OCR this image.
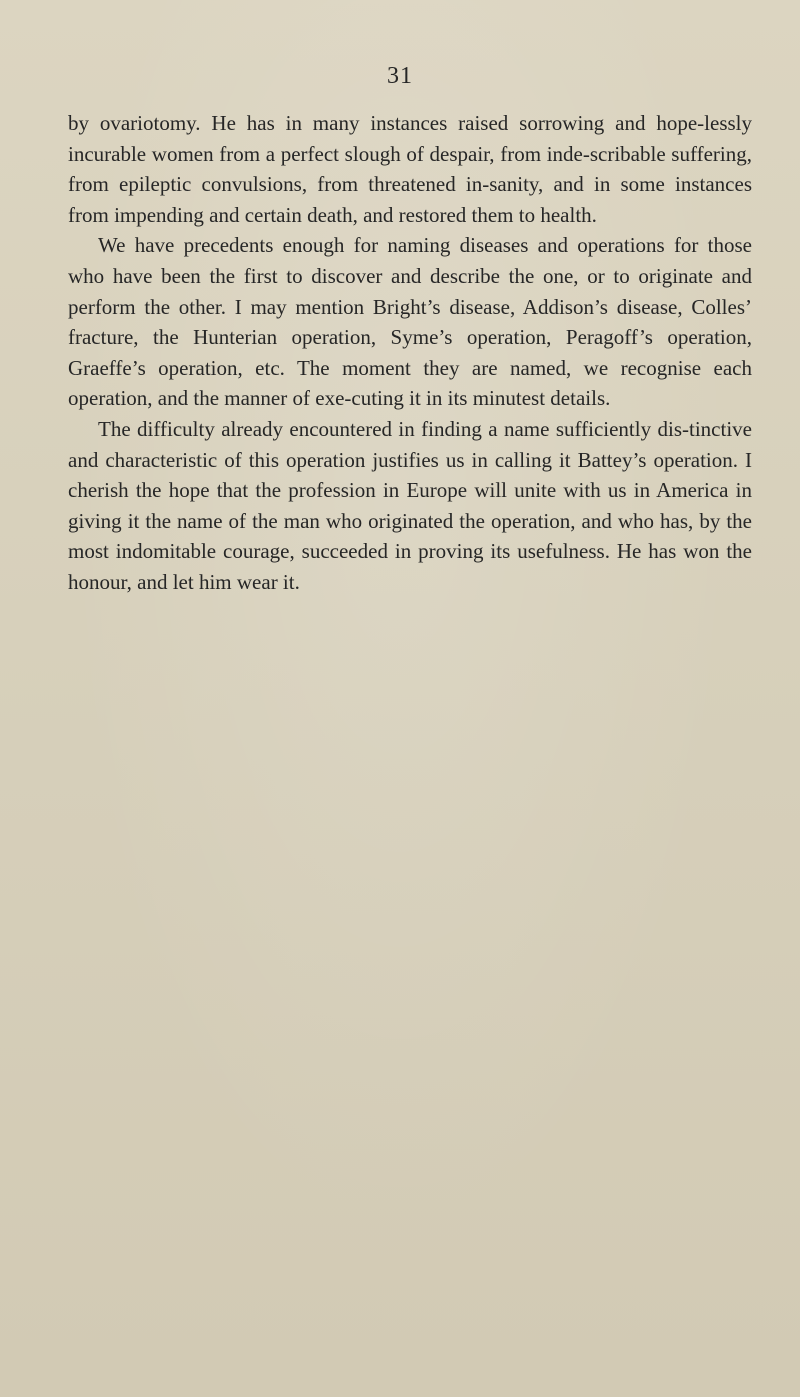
31

by ovariotomy. He has in many instances raised sorrowing and hope-lessly incurable women from a perfect slough of despair, from inde-scribable suffering, from epileptic convulsions, from threatened in-sanity, and in some instances from impending and certain death, and restored them to health.

We have precedents enough for naming diseases and operations for those who have been the first to discover and describe the one, or to originate and perform the other. I may mention Bright’s disease, Addison’s disease, Colles’ fracture, the Hunterian operation, Syme’s operation, Peragoff’s operation, Graeffe’s operation, etc. The moment they are named, we recognise each operation, and the manner of exe-cuting it in its minutest details.

The difficulty already encountered in finding a name sufficiently dis-tinctive and characteristic of this operation justifies us in calling it Battey’s operation. I cherish the hope that the profession in Europe will unite with us in America in giving it the name of the man who originated the operation, and who has, by the most indomitable courage, succeeded in proving its usefulness. He has won the honour, and let him wear it.
